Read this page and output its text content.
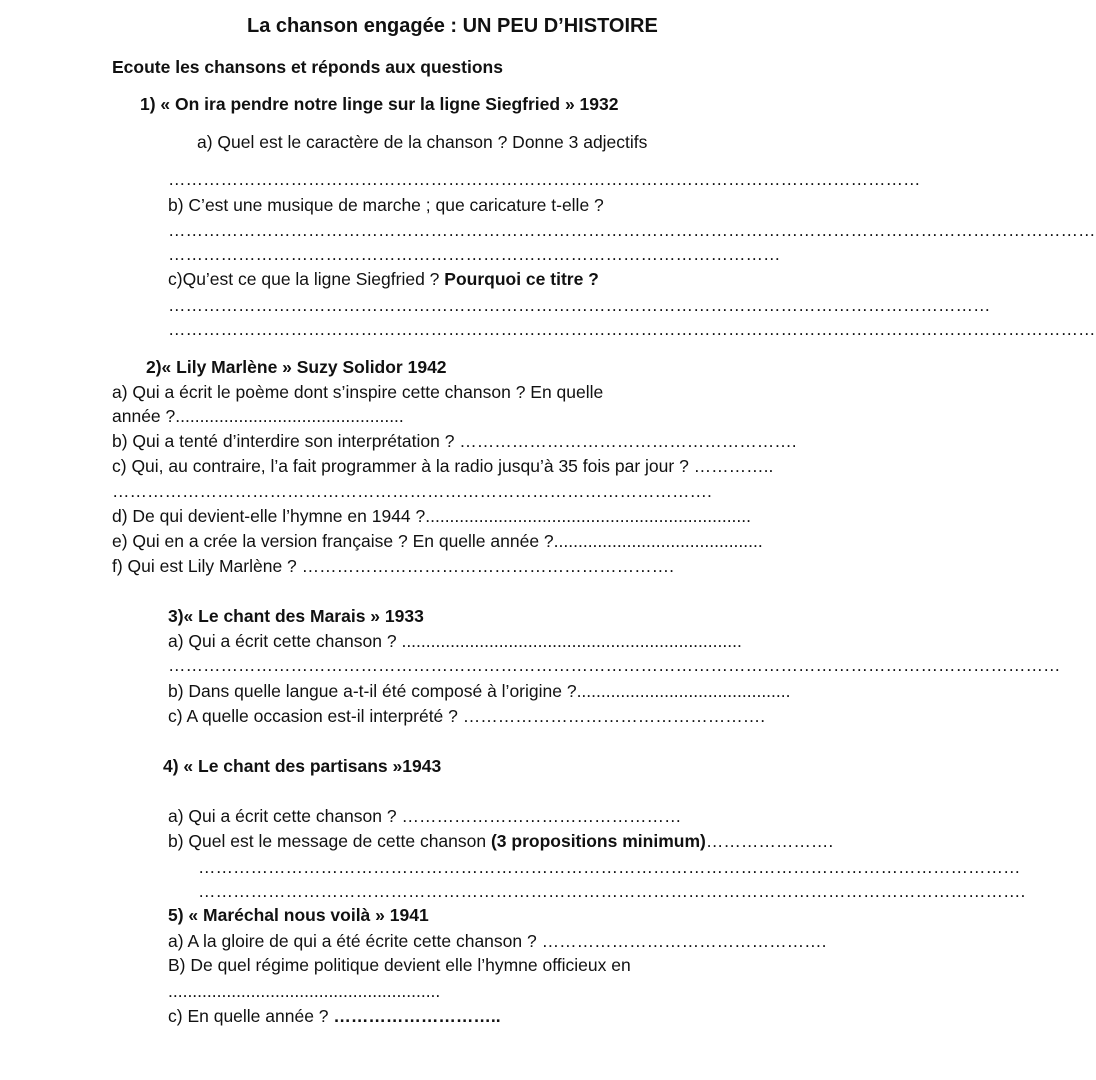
La chanson engagée : UN PEU D’HISTOIRE
Ecoute les chansons et réponds aux questions
1) « On ira pendre notre linge sur la ligne Siegfried » 1932
a) Quel est le caractère de la chanson ? Donne 3 adjectifs
…………………………………………………………………………………………………………………
b) C’est une musique de marche ; que caricature t-elle ?
……………………………………………………………………………………………………………………………………………
……………………………………………………………………………………………
c)Qu’est ce que la ligne Siegfried ? Pourquoi ce titre ?
……………………………………………………………………………………………………………………………
……………………………………………………………………………………………………………………………………………
2)« Lily Marlène » Suzy Solidor 1942
a) Qui a écrit le poème dont s’inspire cette chanson ? En quelle
année ?...............................................
b) Qui a tenté d’interdire son interprétation ? ………………………………………………….
c) Qui, au contraire, l’a fait programmer à la radio jusqu’à 35 fois par jour ? …………..
………………………………………………………………………………………….
d) De qui devient-elle l’hymne en 1944 ?...................................................................
e) Qui en a crée la version française ? En quelle année ?...........................................
f) Qui est Lily Marlène ? ……………………………………………………….
3)« Le chant des Marais » 1933
a) Qui a écrit cette chanson ? ......................................................................
………………………………………………………………………………………………………………………………………
b) Dans quelle langue a-t-il été composé à l’origine ?............................................
c) A quelle occasion est-il interprété ? …………………………………………….
4) « Le chant des partisans »1943
a) Qui a écrit cette chanson ? …………………………………………
b) Quel est le message de cette chanson (3 propositions minimum)………………….
……………………………………………………………………………………………………………………………
…………………………………………………………………………………………………………………………….
5) « Maréchal nous voilà » 1941
a) A la gloire de qui a été écrite cette chanson ? ………………………………………….
B) De quel régime politique devient elle l’hymne officieux en
........................................................
c) En quelle année ? ………………………..
